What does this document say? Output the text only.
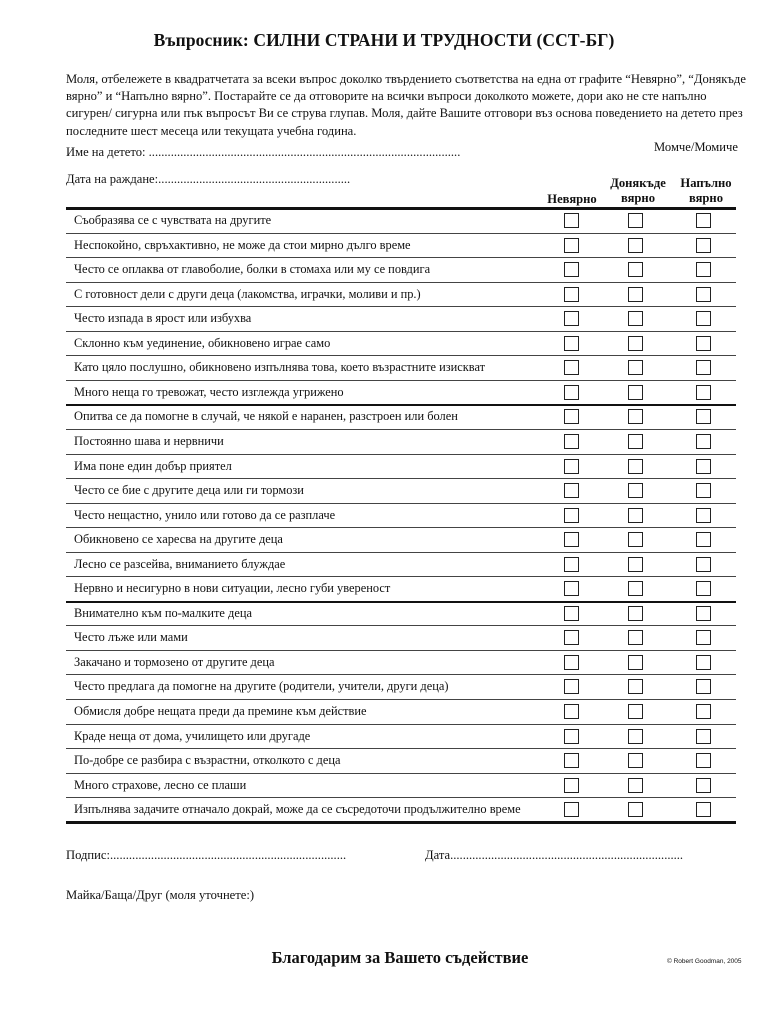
Въпросник: СИЛНИ СТРАНИ И ТРУДНОСТИ (ССТ-БГ)
Моля, отбележете в квадратчетата за всеки въпрос доколко твърдението съответства на една от графите “Невярно”, “Донякъде вярно” и “Напълно вярно”. Постарайте се да отговорите на всички въпроси доколкото можете, дори ако не сте напълно сигурен/ сигурна или пък въпросът Ви се струва глупав. Моля, дайте Вашите отговори въз основа поведението на детето през последните шест месеца или текущата учебна година.
Име на детето: ...................................................................................................	Момче/Момиче
Дата на раждане:.............................................................
Невярно
Донякъде вярно
Напълно вярно
Съобразява се с чувствата на другите
Неспокойно, свръхактивно, не може да стои мирно дълго време
Често се оплаква от главоболие, болки в стомаха или му се повдига
С готовност дели с други деца (лакомства, играчки, моливи и пр.)
Често изпада в ярост или избухва
Склонно към уединение, обикновено играе само
Като цяло послушно, обикновено изпълнява това, което възрастните изискват
Много неща го тревожат, често изглежда угрижено
Опитва се да помогне в случай, че някой е наранен, разстроен или болен
Постоянно шава и нервничи
Има поне един добър приятел
Често се бие с другите деца или ги тормози
Често нещастно, унило или готово да се разплаче
Обикновено се харесва на другите деца
Лесно се разсейва, вниманието блуждае
Нервно и несигурно в нови ситуации, лесно губи увереност
Внимателно към по-малките деца
Често лъже или мами
Закачано и тормозено от другите деца
Често предлага да помогне на другите (родители, учители, други деца)
Обмисля добре нещата преди да премине към действие
Краде неща от дома, училището или другаде
По-добре се разбира с възрастни, отколкото с деца
Много страхове, лесно се плаши
Изпълнява задачите отначало докрай, може да се съсредоточи продължително време
Подпис:...........................................................................	Дата..........................................................................
Майка/Баща/Друг (моля уточнете:)
Благодарим за Вашето съдействие	© Robert Goodman, 2005
